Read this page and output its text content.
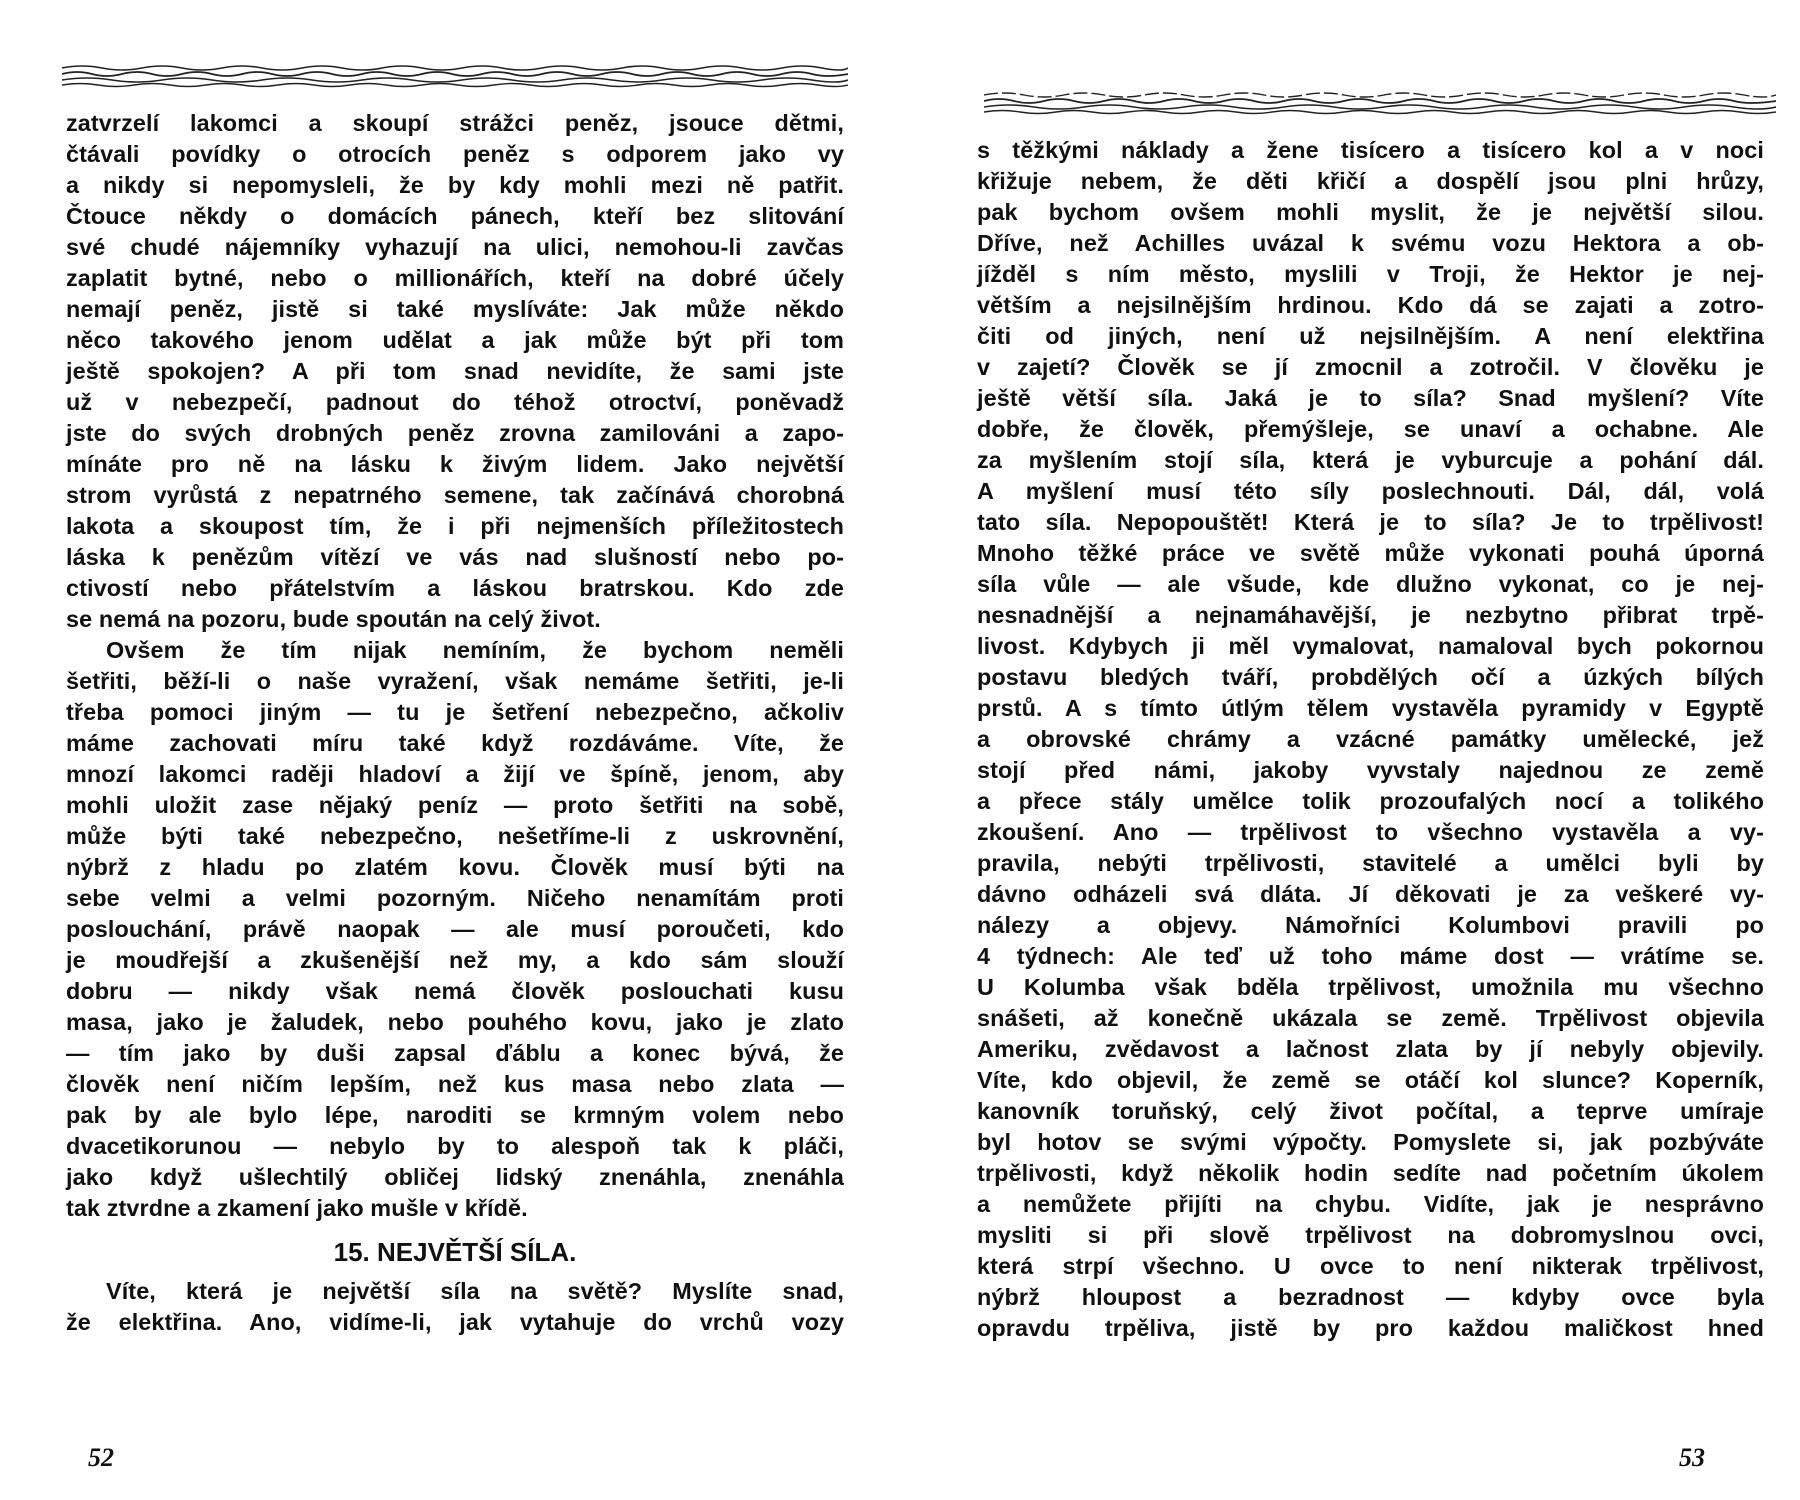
zatvrzelí lakomci a skoupí strážci peněz, jsouce dětmi,
čtávali povídky o otrocích peněz s odporem jako vy
a nikdy si nepomysleli, že by kdy mohli mezi ně patřit.
Čtouce někdy o domácích pánech, kteří bez slitování
své chudé nájemníky vyhazují na ulici, nemohou-li zavčas
zaplatit bytné, nebo o millionářích, kteří na dobré účely
nemají peněz, jistě si také myslíváte: Jak může někdo
něco takového jenom udělat a jak může být při tom
ještě spokojen? A při tom snad nevidíte, že sami jste
už v nebezpečí, padnout do téhož otroctví, poněvadž
jste do svých drobných peněz zrovna zamilováni a zapo-
mínáte pro ně na lásku k živým lidem. Jako největší
strom vyrůstá z nepatrného semene, tak začínává chorobná
lakota a skoupost tím, že i při nejmenších příležitostech
láska k penězům vítězí ve vás nad slušností nebo po-
ctivostí nebo přátelstvím a láskou bratrskou. Kdo zde
se nemá na pozoru, bude spoután na celý život.
Ovšem že tím nijak nemíním, že bychom neměli
šetřiti, běží-li o naše vyražení, však nemáme šetřiti, je-li
třeba pomoci jiným — tu je šetření nebezpečno, ačkoliv
máme zachovati míru také když rozdáváme. Víte, že
mnozí lakomci raději hladoví a žijí ve špíně, jenom, aby
mohli uložit zase nějaký peníz — proto šetřiti na sobě,
může býti také nebezpečno, nešetříme-li z uskrovnění,
nýbrž z hladu po zlatém kovu. Člověk musí býti na
sebe velmi a velmi pozorným. Ničeho nenamítám proti
poslouchání, právě naopak — ale musí poroučeti, kdo
je moudřejší a zkušenější než my, a kdo sám slouží
dobru — nikdy však nemá člověk poslouchati kusu
masa, jako je žaludek, nebo pouhého kovu, jako je zlato
— tím jako by duši zapsal ďáblu a konec bývá, že
člověk není ničím lepším, než kus masa nebo zlata —
pak by ale bylo lépe, naroditi se krmným volem nebo
dvacetikorunou — nebylo by to alespoň tak k pláči,
jako když ušlechtilý obličej lidský znenáhla, znenáhla
tak ztvrdne a zkamení jako mušle v křídě.
15. NEJVĚTŠÍ SÍLA.
Víte, která je největší síla na světě? Myslíte snad,
že elektřina. Ano, vidíme-li, jak vytahuje do vrchů vozy
52
s těžkými náklady a žene tisícero a tisícero kol a v noci
křižuje nebem, že děti křičí a dospělí jsou plni hrůzy,
pak bychom ovšem mohli myslit, že je největší silou.
Dříve, než Achilles uvázal k svému vozu Hektora a ob-
jížděl s ním město, myslili v Troji, že Hektor je nej-
větším a nejsilnějším hrdinou. Kdo dá se zajati a zotro-
čiti od jiných, není už nejsilnějším. A není elektřina
v zajetí? Člověk se jí zmocnil a zotročil. V člověku je
ještě větší síla. Jaká je to síla? Snad myšlení? Víte
dobře, že člověk, přemýšleje, se unaví a ochabne. Ale
za myšlením stojí síla, která je vyburcuje a pohání dál.
A myšlení musí této síly poslechnouti. Dál, dál, volá
tato síla. Nepopouštět! Která je to síla? Je to trpělivost!
Mnoho těžké práce ve světě může vykonati pouhá úporná
síla vůle — ale všude, kde dlužno vykonat, co je nej-
nesnadnější a nejnamáhavější, je nezbytno přibrat trpě-
livost. Kdybych ji měl vymalovat, namaloval bych pokornou
postavu bledých tváří, probdělých očí a úzkých bílých
prstů. A s tímto útlým tělem vystavěla pyramidy v Egyptě
a obrovské chrámy a vzácné památky umělecké, jež
stojí před námi, jakoby vyvstaly najednou ze země
a přece stály umělce tolik prozoufalých nocí a tolikého
zkoušení. Ano — trpělivost to všechno vystavěla a vy-
pravila, nebýti trpělivosti, stavitelé a umělci byli by
dávno odházeli svá dláta. Jí děkovati je za veškeré vy-
nálezy a objevy. Námořníci Kolumbovi pravili po
4 týdnech: Ale teď už toho máme dost — vrátíme se.
U Kolumba však bděla trpělivost, umožnila mu všechno
snášeti, až konečně ukázala se země. Trpělivost objevila
Ameriku, zvědavost a lačnost zlata by jí nebyly objevily.
Víte, kdo objevil, že země se otáčí kol slunce? Koperník,
kanovník toruňský, celý život počítal, a teprve umíraje
byl hotov se svými výpočty. Pomyslete si, jak pozbýváte
trpělivosti, když několik hodin sedíte nad početním úkolem
a nemůžete přijíti na chybu. Vidíte, jak je nesprávno
mysliti si při slově trpělivost na dobromyslnou ovci,
která strpí všechno. U ovce to není nikterak trpělivost,
nýbrž hloupost a bezradnost — kdyby ovce byla
opravdu trpěliva, jistě by pro každou maličkost hned
53
